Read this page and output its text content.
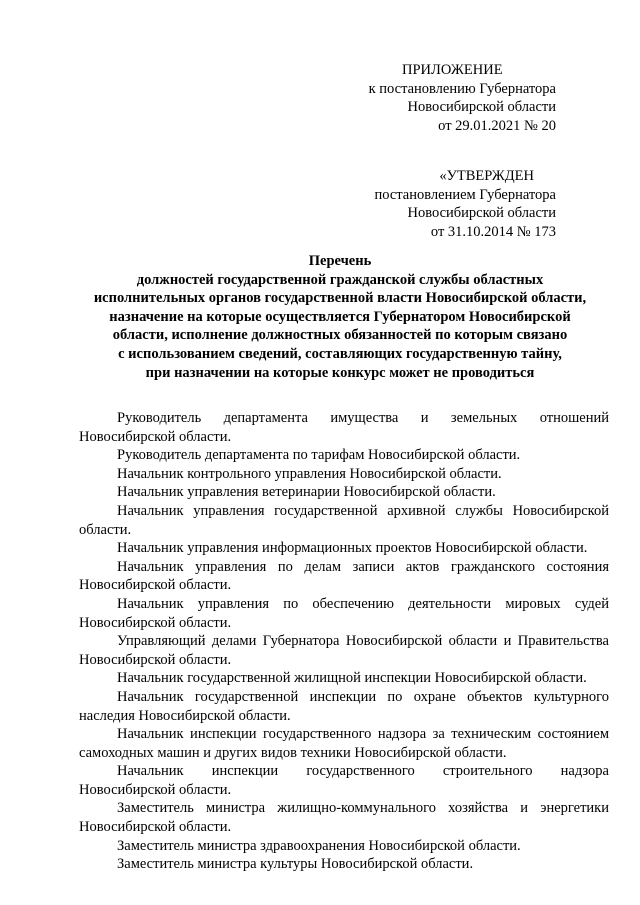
ПРИЛОЖЕНИЕ
к постановлению Губернатора
Новосибирской области
от 29.01.2021 № 20
«УТВЕРЖДЕН
постановлением Губернатора
Новосибирской области
от 31.10.2014 № 173
Перечень
должностей государственной гражданской службы областных
исполнительных органов государственной власти Новосибирской области,
назначение на которые осуществляется Губернатором Новосибирской
области, исполнение должностных обязанностей по которым связано
с использованием сведений, составляющих государственную тайну,
при назначении на которые конкурс может не проводиться

Руководитель департамента имущества и земельных отношений Новосибирской области.

Руководитель департамента по тарифам Новосибирской области.

Начальник контрольного управления Новосибирской области.

Начальник управления ветеринарии Новосибирской области.

Начальник управления государственной архивной службы Новосибирской области.

Начальник управления информационных проектов Новосибирской области.

Начальник управления по делам записи актов гражданского состояния Новосибирской области.

Начальник управления по обеспечению деятельности мировых судей Новосибирской области.

Управляющий делами Губернатора Новосибирской области и Правительства Новосибирской области.

Начальник государственной жилищной инспекции Новосибирской области.

Начальник государственной инспекции по охране объектов культурного наследия Новосибирской области.

Начальник инспекции государственного надзора за техническим состоянием самоходных машин и других видов техники Новосибирской области.

Начальник инспекции государственного строительного надзора Новосибирской области.

Заместитель министра жилищно-коммунального хозяйства и энергетики Новосибирской области.

Заместитель министра здравоохранения Новосибирской области.

Заместитель министра культуры Новосибирской области.
